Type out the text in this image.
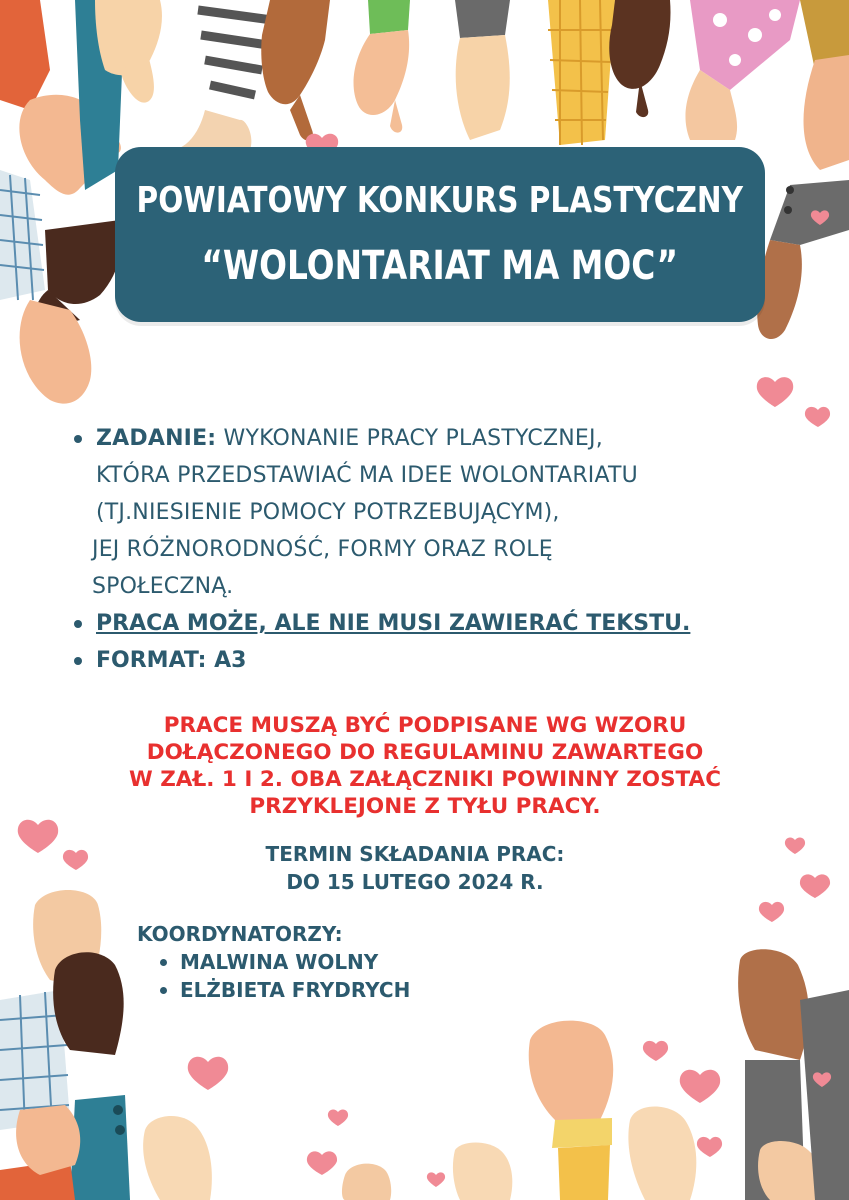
POWIATOWY KONKURS PLASTYCZNY
“WOLONTARIAT MA MOC”
ZADANIE: WYKONANIE PRACY PLASTYCZNEJ,
KTÓRA PRZEDSTAWIAĆ MA IDEE WOLONTARIATU
(TJ.NIESIENIE POMOCY POTRZEBUJĄCYM),
JEJ RÓŻNORODNOŚĆ, FORMY ORAZ ROLĘ
SPOŁECZNĄ.
PRACA MOŻE, ALE NIE MUSI ZAWIERAĆ TEKSTU.
FORMAT: A3
PRACE MUSZĄ BYĆ PODPISANE WG WZORU
DOŁĄCZONEGO DO REGULAMINU ZAWARTEGO
W ZAŁ. 1 I 2. OBA ZAŁĄCZNIKI POWINNY ZOSTAĆ
PRZYKLEJONE Z TYŁU PRACY.
TERMIN SKŁADANIA PRAC:
DO 15 LUTEGO 2024 R.
KOORDYNATORZY:
MALWINA WOLNY
ELŻBIETA FRYDRYCH
